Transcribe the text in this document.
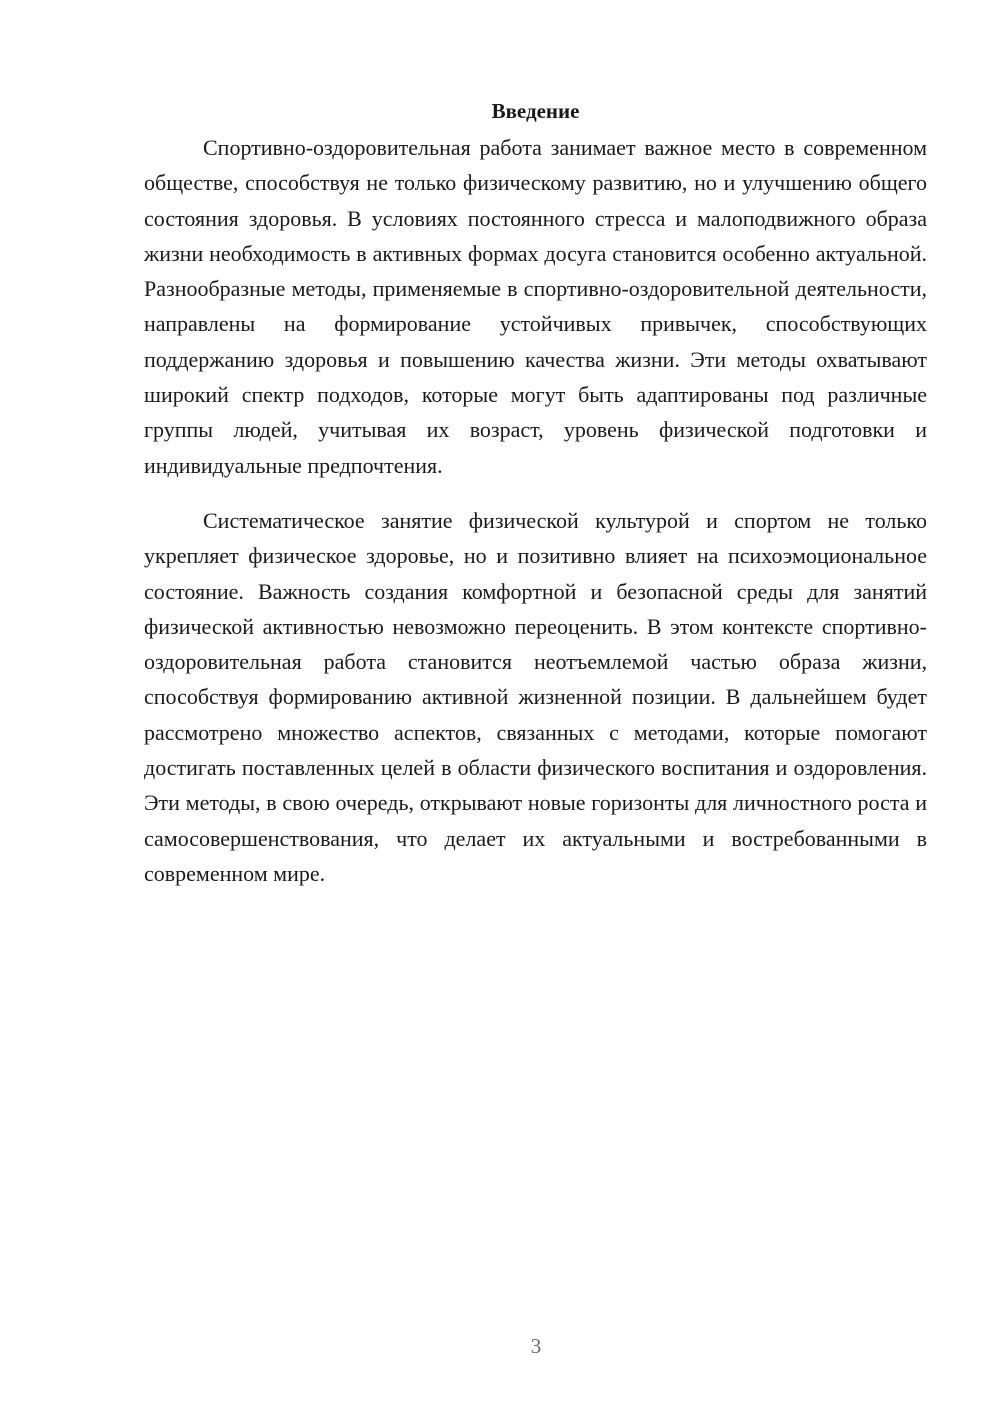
Введение

Спортивно-оздоровительная работа занимает важное место в современном обществе, способствуя не только физическому развитию, но и улучшению общего состояния здоровья. В условиях постоянного стресса и малоподвижного образа жизни необходимость в активных формах досуга становится особенно актуальной. Разнообразные методы, применяемые в спортивно-оздоровительной деятельности, направлены на формирование устойчивых привычек, способствующих поддержанию здоровья и повышению качества жизни. Эти методы охватывают широкий спектр подходов, которые могут быть адаптированы под различные группы людей, учитывая их возраст, уровень физической подготовки и индивидуальные предпочтения.

Систематическое занятие физической культурой и спортом не только укрепляет физическое здоровье, но и позитивно влияет на психоэмоциональное состояние. Важность создания комфортной и безопасной среды для занятий физической активностью невозможно переоценить. В этом контексте спортивно-оздоровительная работа становится неотъемлемой частью образа жизни, способствуя формированию активной жизненной позиции. В дальнейшем будет рассмотрено множество аспектов, связанных с методами, которые помогают достигать поставленных целей в области физического воспитания и оздоровления. Эти методы, в свою очередь, открывают новые горизонты для личностного роста и самосовершенствования, что делает их актуальными и востребованными в современном мире.

3
